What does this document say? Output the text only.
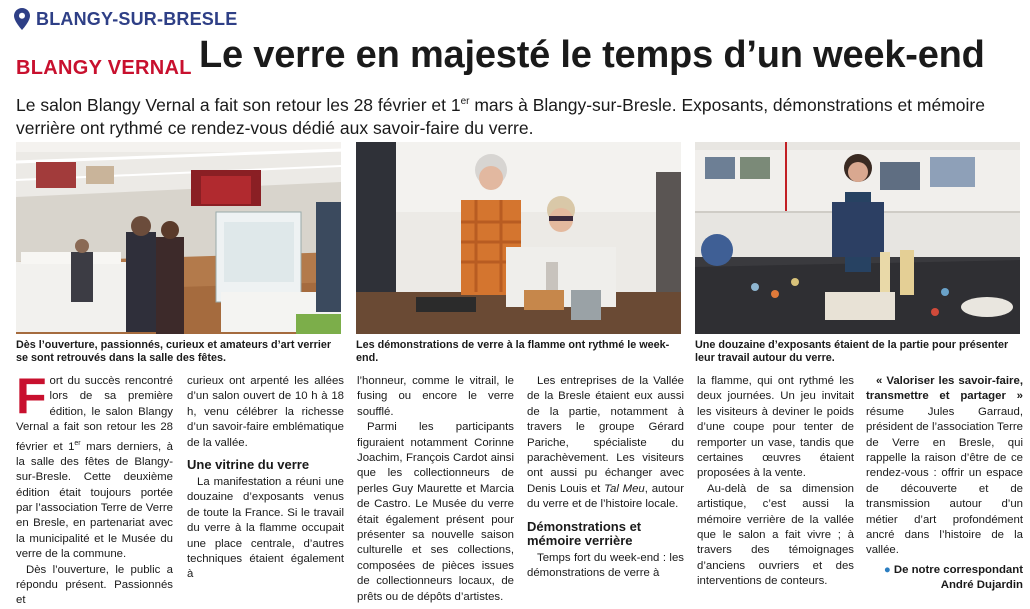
BLANGY-SUR-BRESLE
BLANGY VERNAL Le verre en majesté le temps d’un week-end
Le salon Blangy Vernal a fait son retour les 28 février et 1er mars à Blangy-sur-Bresle. Exposants, démonstrations et mémoire verrière ont rythmé ce rendez-vous dédié aux savoir-faire du verre.
Dès l’ouverture, passionnés, curieux et amateurs d’art verrier se sont retrouvés dans la salle des fêtes.
Les démonstrations de verre à la flamme ont rythmé le week-end.
Une douzaine d’exposants étaient de la partie pour présenter leur travail autour du verre.

Fort du succès rencontré lors de sa première édition, le salon Blangy Vernal a fait son retour les 28 février et 1er mars derniers, à la salle des fêtes de Blangy-sur-Bresle. Cette deuxième édition était toujours portée par l’association Terre de Verre en Bresle, en partenariat avec la municipalité et le Musée du verre de la commune.

Dès l’ouverture, le public a répondu présent. Passionnés et

curieux ont arpenté les allées d’un salon ouvert de 10 h à 18 h, venu célébrer la richesse d’un savoir-faire emblématique de la vallée.

Une vitrine du verre

La manifestation a réuni une douzaine d’exposants venus de toute la France. Si le travail du verre à la flamme occupait une place centrale, d’autres techniques étaient également à

l’honneur, comme le vitrail, le fusing ou encore le verre soufflé.

Parmi les participants figuraient notamment Corinne Joachim, François Cardot ainsi que les collectionneurs de perles Guy Maurette et Marcia de Castro. Le Musée du verre était également présent pour présenter sa nouvelle saison culturelle et ses collections, composées de pièces issues de collectionneurs locaux, de prêts ou de dépôts d’artistes.

Les entreprises de la Vallée de la Bresle étaient eux aussi de la partie, notamment à travers le groupe Gérard Pariche, spécialiste du parachèvement. Les visiteurs ont aussi pu échanger avec Denis Louis et Tal Meu, autour du verre et de l’histoire locale.

Démonstrations et mémoire verrière

Temps fort du week-end : les démonstrations de verre à

la flamme, qui ont rythmé les deux journées. Un jeu invitait les visiteurs à deviner le poids d’une coupe pour tenter de remporter un vase, tandis que certaines œuvres étaient proposées à la vente.

Au-delà de sa dimension artistique, c’est aussi la mémoire verrière de la vallée que le salon a fait vivre ; à travers des témoignages d’anciens ouvriers et des interventions de conteurs.

« Valoriser les savoir-faire, transmettre et partager » résume Jules Garraud, président de l’association Terre de Verre en Bresle, qui rappelle la raison d’être de ce rendez-vous : offrir un espace de découverte et de transmission autour d’un métier d’art profondément ancré dans l’histoire de la vallée.

● De notre correspondant
André Dujardin
